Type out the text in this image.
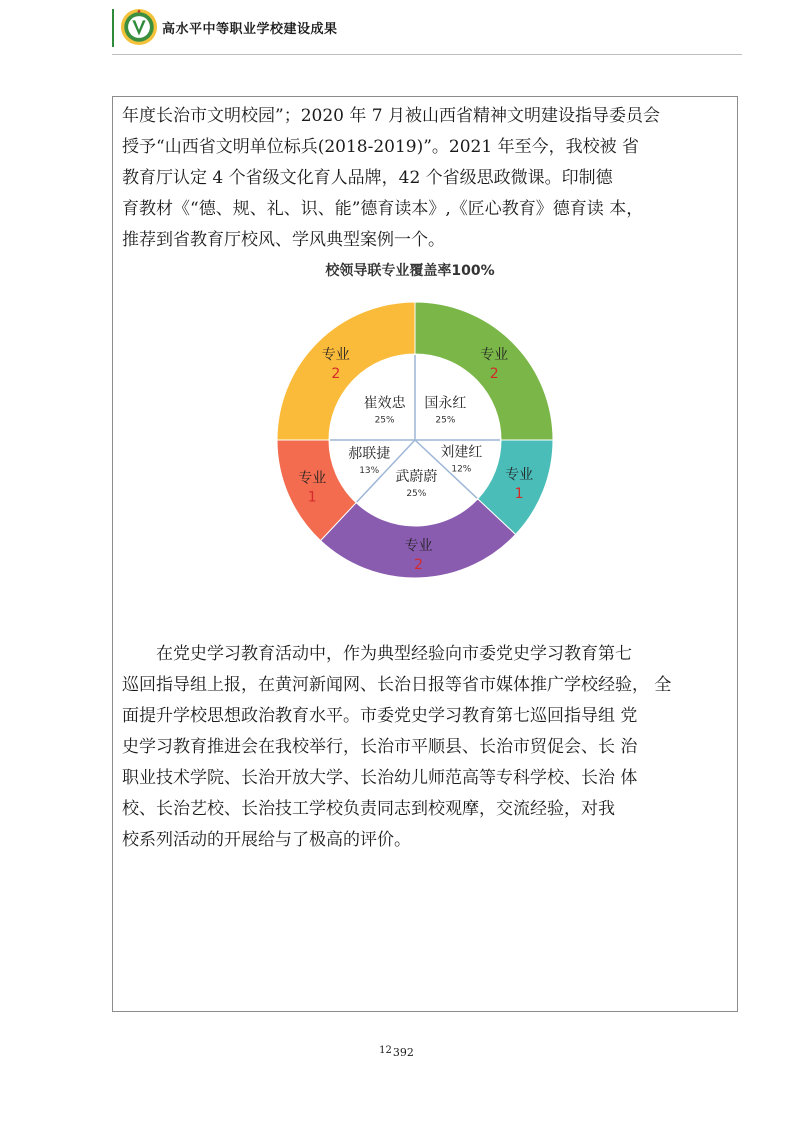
高水平中等职业学校建设成果

年度长治市文明校园”；2020 年 7 月被山西省精神文明建设指导委员会
授予“山西省文明单位标兵(2018-2019)”。2021 年至今，我校被 省
教育厅认定 4 个省级文化育人品牌，42 个省级思政微课。印制德
育教材《“德、规、礼、识、能”德育读本》,《匠心教育》德育读 本，
推荐到省教育厅校风、学风典型案例一个。

校领导联专业覆盖率100%
专业
2
国永红
25%
专业
1
刘建红
12%
专业
2
武蔚蔚
25%
专业
1
郝联捷
13%
专业
2
崔效忠
25%

　　在党史学习教育活动中，作为典型经验向市委党史学习教育第七
巡回指导组上报，在黄河新闻网、长治日报等省市媒体推广学校经验， 全
面提升学校思想政治教育水平。市委党史学习教育第七巡回指导组 党
史学习教育推进会在我校举行，长治市平顺县、长治市贸促会、长 治
职业技术学院、长治开放大学、长治幼儿师范高等专科学校、长治 体
校、长治艺校、长治技工学校负责同志到校观摩，交流经验，对我
校系列活动的开展给与了极高的评价。

$^{12}$392
